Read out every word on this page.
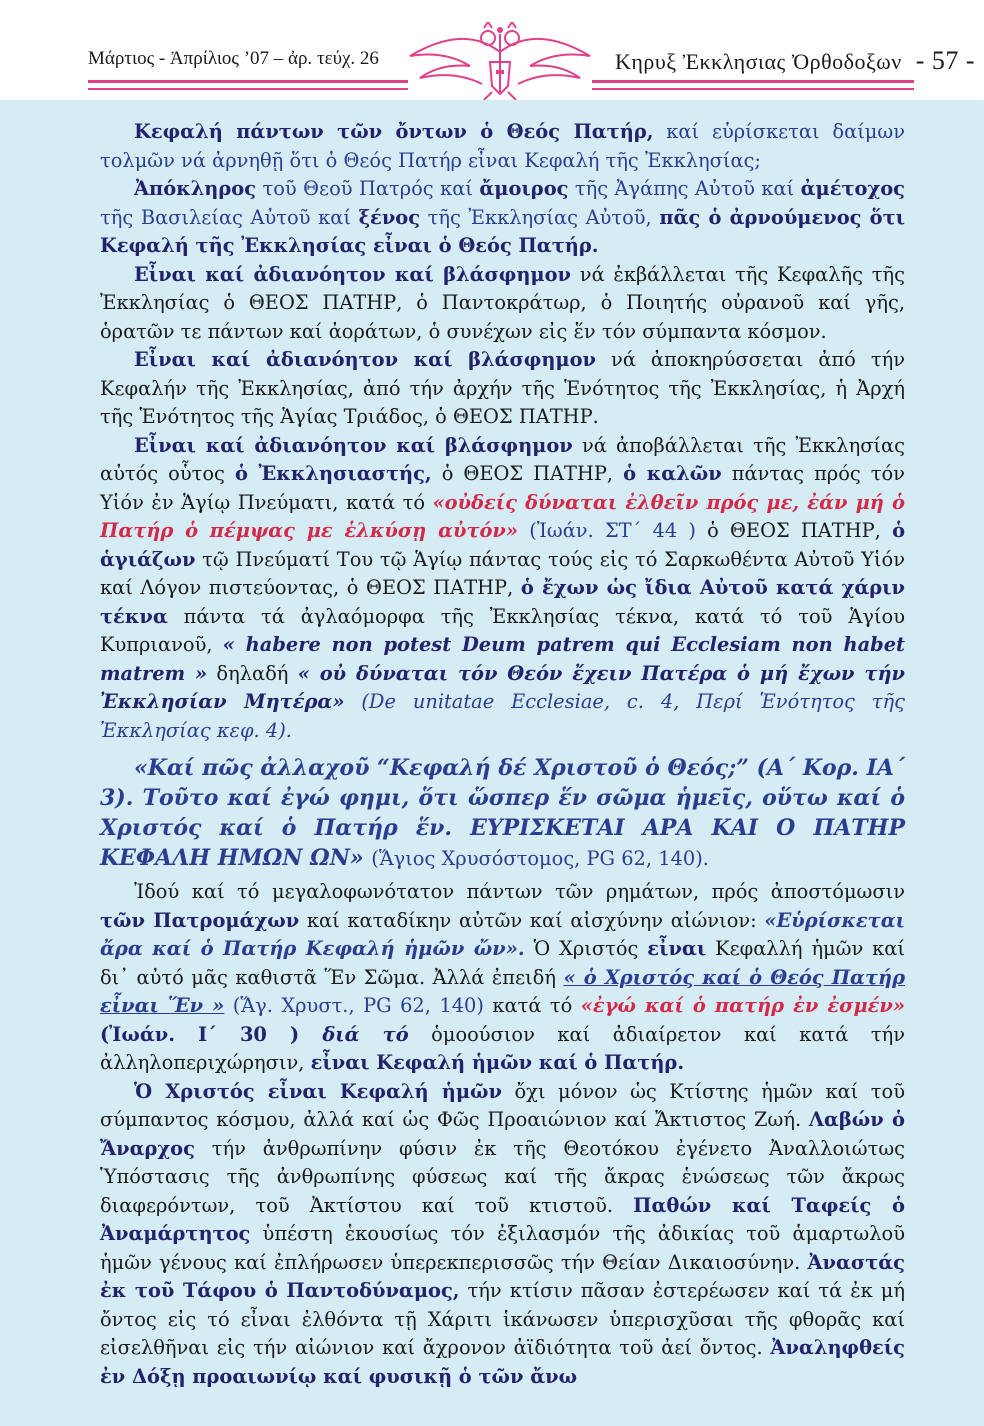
Μάρτιος - Ἀπρίλιος ’07 – ἀρ. τεύχ. 26	Κηρυξ Ἐκκλησιας Ὀρθοδοξων - 57 -

Κεφαλή πάντων τῶν ὄντων ὁ Θεός Πατήρ, καί εὑρίσκεται δαίμων τολμῶν νά ἀρνηθῇ ὅτι ὁ Θεός Πατήρ εἶναι Κεφαλή τῆς Ἐκκλησίας;

Ἀπόκληρος τοῦ Θεοῦ Πατρός καί ἄμοιρος τῆς Ἀγάπης Αὐτοῦ καί ἀμέτοχος τῆς Βασιλείας Αὐτοῦ καί ξένος τῆς Ἐκκλησίας Αὐτοῦ, πᾶς ὁ ἀρνούμενος ὅτι Κεφαλή τῆς Ἐκκλησίας εἶναι ὁ Θεός Πατήρ.

Εἶναι καί ἀδιανόητον καί βλάσφημον νά ἐκβάλλεται τῆς Κεφαλῆς τῆς Ἐκκλησίας ὁ ΘΕΟΣ ΠΑΤΗΡ, ὁ Παντοκράτωρ, ὁ Ποιητής οὐρανοῦ καί γῆς, ὁρατῶν τε πάντων καί ἀοράτων, ὁ συνέχων εἰς ἕν τόν σύμπαντα κόσμον.

Εἶναι καί ἀδιανόητον καί βλάσφημον νά ἀποκηρύσσεται ἀπό τήν Κεφαλήν τῆς Ἐκκλησίας, ἀπό τήν ἀρχήν τῆς Ἑνότητος τῆς Ἐκκλησίας, ἡ Ἀρχή τῆς Ἑνότητος τῆς Ἁγίας Τριάδος, ὁ ΘΕΟΣ ΠΑΤΗΡ.

Εἶναι καί ἀδιανόητον καί βλάσφημον νά ἀποβάλλεται τῆς Ἐκκλησίας αὐτός οὗτος ὁ Ἐκκλησιαστής, ὁ ΘΕΟΣ ΠΑΤΗΡ, ὁ καλῶν πάντας πρός τόν Υἱόν ἐν Ἁγίῳ Πνεύματι, κατά τό «οὐδείς δύναται ἐλθεῖν πρός με, ἐάν μή ὁ Πατήρ ὁ πέμψας με ἑλκύσῃ αὐτόν» (Ἰωάν. ΣΤ΄ 44 ) ὁ ΘΕΟΣ ΠΑΤΗΡ, ὁ ἁγιάζων τῷ Πνεύματί Του τῷ Ἁγίῳ πάντας τούς εἰς τό Σαρκωθέντα Αὐτοῦ Υἱόν καί Λόγον πιστεύοντας, ὁ ΘΕΟΣ ΠΑΤΗΡ, ὁ ἔχων ὡς ἴδια Αὐτοῦ κατά χάριν τέκνα πάντα τά ἀγλαόμορφα τῆς Ἐκκλησίας τέκνα, κατά τό τοῦ Ἁγίου Κυπριανοῦ, « habere non potest Deum patrem qui Ecclesiam non habet matrem » δηλαδή « οὐ δύναται τόν Θεόν ἔχειν Πατέρα ὁ μή ἔχων τήν Ἐκκλησίαν Μητέρα» (De unitatae Ecclesiae, c. 4, Περί Ἑνότητος τῆς Ἐκκλησίας κεφ. 4).

«Καί πῶς ἀλλαχοῦ “Κεφαλή δέ Χριστοῦ ὁ Θεός;” (Α΄ Κορ. ΙΑ΄ 3). Τοῦτο καί ἐγώ φημι, ὅτι ὥσπερ ἕν σῶμα ἡμεῖς, οὕτω καί ὁ Χριστός καί ὁ Πατήρ ἕν. ΕΥΡΙΣΚΕΤΑΙ ΑΡΑ ΚΑΙ Ο ΠΑΤΗΡ ΚΕΦΑΛΗ ΗΜΩΝ ΩΝ» (Ἅγιος Χρυσόστομος, PG 62, 140).

Ἰδού καί τό μεγαλοφωνότατον πάντων τῶν ρημάτων, πρός ἀποστόμωσιν τῶν Πατρομάχων καί καταδίκην αὐτῶν καί αἰσχύνην αἰώνιον: «Εὑρίσκεται ἄρα καί ὁ Πατήρ Κεφαλή ἡμῶν ὤν». Ὁ Χριστός εἶναι Κεφαλλή ἡμῶν καί δι᾽ αὐτό μᾶς καθιστᾶ Ἕν Σῶμα. Ἀλλά ἐπειδή « ὁ Χριστός καί ὁ Θεός Πατήρ εἶναι Ἕν » (Ἅγ. Χρυστ., PG 62, 140) κατά τό «ἐγώ καί ὁ πατήρ ἐν ἐσμέν» (Ἰωάν. Ι΄ 30 ) διά τό ὁμοούσιον καί ἀδιαίρετον καί κατά τήν ἀλληλοπεριχώρησιν, εἶναι Κεφαλή ἡμῶν καί ὁ Πατήρ.

Ὁ Χριστός εἶναι Κεφαλή ἡμῶν ὄχι μόνον ὡς Κτίστης ἡμῶν καί τοῦ σύμπαντος κόσμου, ἀλλά καί ὡς Φῶς Προαιώνιον καί Ἄκτιστος Ζωή. Λαβών ὁ Ἄναρχος τήν ἀνθρωπίνην φύσιν ἐκ τῆς Θεοτόκου ἐγένετο Ἀναλλοιώτως Ὑπόστασις τῆς ἀνθρωπίνης φύσεως καί τῆς ἄκρας ἑνώσεως τῶν ἄκρως διαφερόντων, τοῦ Ἀκτίστου καί τοῦ κτιστοῦ. Παθών καί Ταφείς ὁ Ἀναμάρτητος ὑπέστη ἑκουσίως τόν ἐξιλασμόν τῆς ἀδικίας τοῦ ἁμαρτωλοῦ ἡμῶν γένους καί ἐπλήρωσεν ὑπερεκπερισσῶς τήν Θείαν Δικαιοσύνην. Ἀναστάς ἐκ τοῦ Τάφου ὁ Παντοδύναμος, τήν κτίσιν πᾶσαν ἐστερέωσεν καί τά ἐκ μή ὄντος εἰς τό εἶναι ἐλθόντα τῇ Χάριτι ἱκάνωσεν ὑπερισχῦσαι τῆς φθορᾶς καί εἰσελθῆναι εἰς τήν αἰώνιον καί ἄχρονον ἀϊδιότητα τοῦ ἀεί ὄντος. Ἀναληφθείς ἐν Δόξῃ προαιωνίῳ καί φυσικῇ ὁ τῶν ἄνω
